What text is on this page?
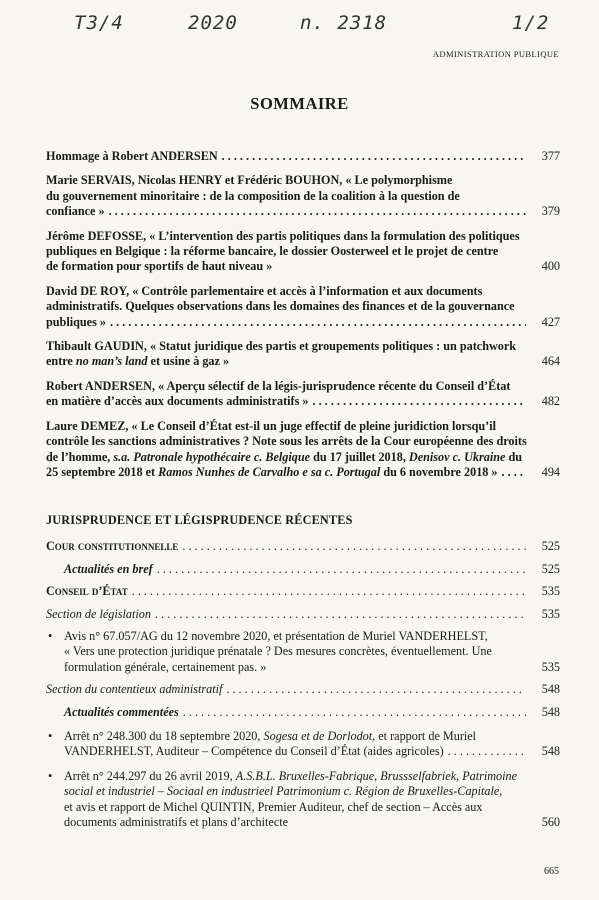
T3/4	2020	n. 2318	1/2
ADMINISTRATION PUBLIQUE
SOMMAIRE
Hommage à Robert ANDERSEN . . .	377
Marie SERVAIS, Nicolas HENRY et Frédéric BOUHON, « Le polymorphisme
du gouvernement minoritaire : de la composition de la coalition à la question de
confiance » . . .	379
Jérôme DEFOSSE, « L’intervention des partis politiques dans la formulation des politiques
publiques en Belgique : la réforme bancaire, le dossier Oosterweel et le projet de centre
de formation pour sportifs de haut niveau »	400
David DE ROY, « Contrôle parlementaire et accès à l’information et aux documents
administratifs. Quelques observations dans les domaines des finances et de la gouvernance
publiques » . . .	427
Thibault GAUDIN, « Statut juridique des partis et groupements politiques : un patchwork
entre no man’s land et usine à gaz »	464
Robert ANDERSEN, « Aperçu sélectif de la légis-jurisprudence récente du Conseil d’État
en matière d’accès aux documents administratifs » . . .	482
Laure DEMEZ, « Le Conseil d’État est-il un juge effectif de pleine juridiction lorsqu’il
contrôle les sanctions administratives ? Note sous les arrêts de la Cour européenne des droits
de l’homme, s.a. Patronale hypothécaire c. Belgique du 17 juillet 2018, Denisov c. Ukraine du
25 septembre 2018 et Ramos Nunhes de Carvalho e sa c. Portugal du 6 novembre 2018 » . . .	494
JURISPRUDENCE ET LÉGISPRUDENCE RÉCENTES
Cour constitutionnelle . . .	525
Actualités en bref . . .	525
Conseil d’État . . .	535
Section de législation . . .	535
• Avis n° 67.057/AG du 12 novembre 2020, et présentation de Muriel VANDERHELST,
« Vers une protection juridique prénatale ? Des mesures concrètes, éventuellement. Une
formulation générale, certainement pas. »	535
Section du contentieux administratif . . .	548
Actualités commentées . . .	548
• Arrêt n° 248.300 du 18 septembre 2020, Sogesa et de Dorlodot, et rapport de Muriel
VANDERHELST, Auditeur – Compétence du Conseil d’État (aides agricoles) . . .	548
• Arrêt n° 244.297 du 26 avril 2019, A.S.B.L. Bruxelles-Fabrique, Brussselfabriek, Patrimoine
social et industriel – Sociaal en industrieel Patrimonium c. Région de Bruxelles-Capitale,
et avis et rapport de Michel QUINTIN, Premier Auditeur, chef de section – Accès aux
documents administratifs et plans d’architecte	560
665
